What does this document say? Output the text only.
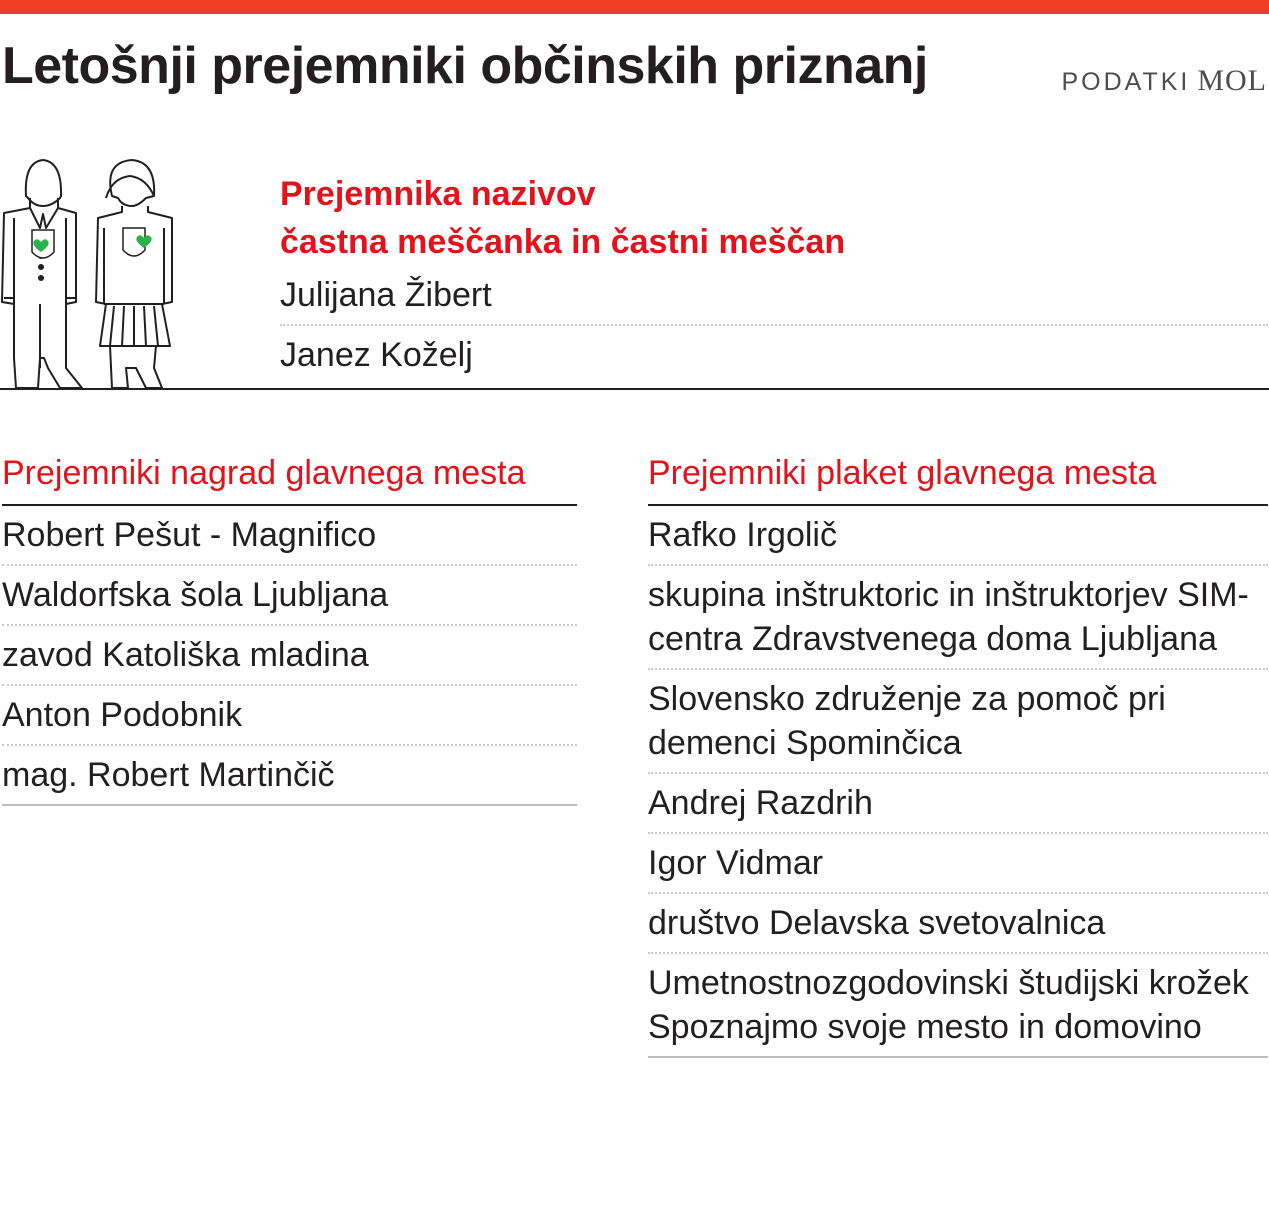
Letošnji prejemniki občinskih priznanj	PODATKI MOL
Prejemnika nazivov
častna meščanka in častni meščan
Julijana Žibert
Janez Koželj
Prejemniki nagrad glavnega mesta
Robert Pešut - Magnifico
Waldorfska šola Ljubljana
zavod Katoliška mladina
Anton Podobnik
mag. Robert Martinčič
Prejemniki plaket glavnega mesta
Rafko Irgolič
skupina inštruktoric in inštruktorjev SIM-centra Zdravstvenega doma Ljubljana
Slovensko združenje za pomoč pri demenci Spominčica
Andrej Razdrih
Igor Vidmar
društvo Delavska svetovalnica
Umetnostnozgodovinski študijski krožek Spoznajmo svoje mesto in domovino
